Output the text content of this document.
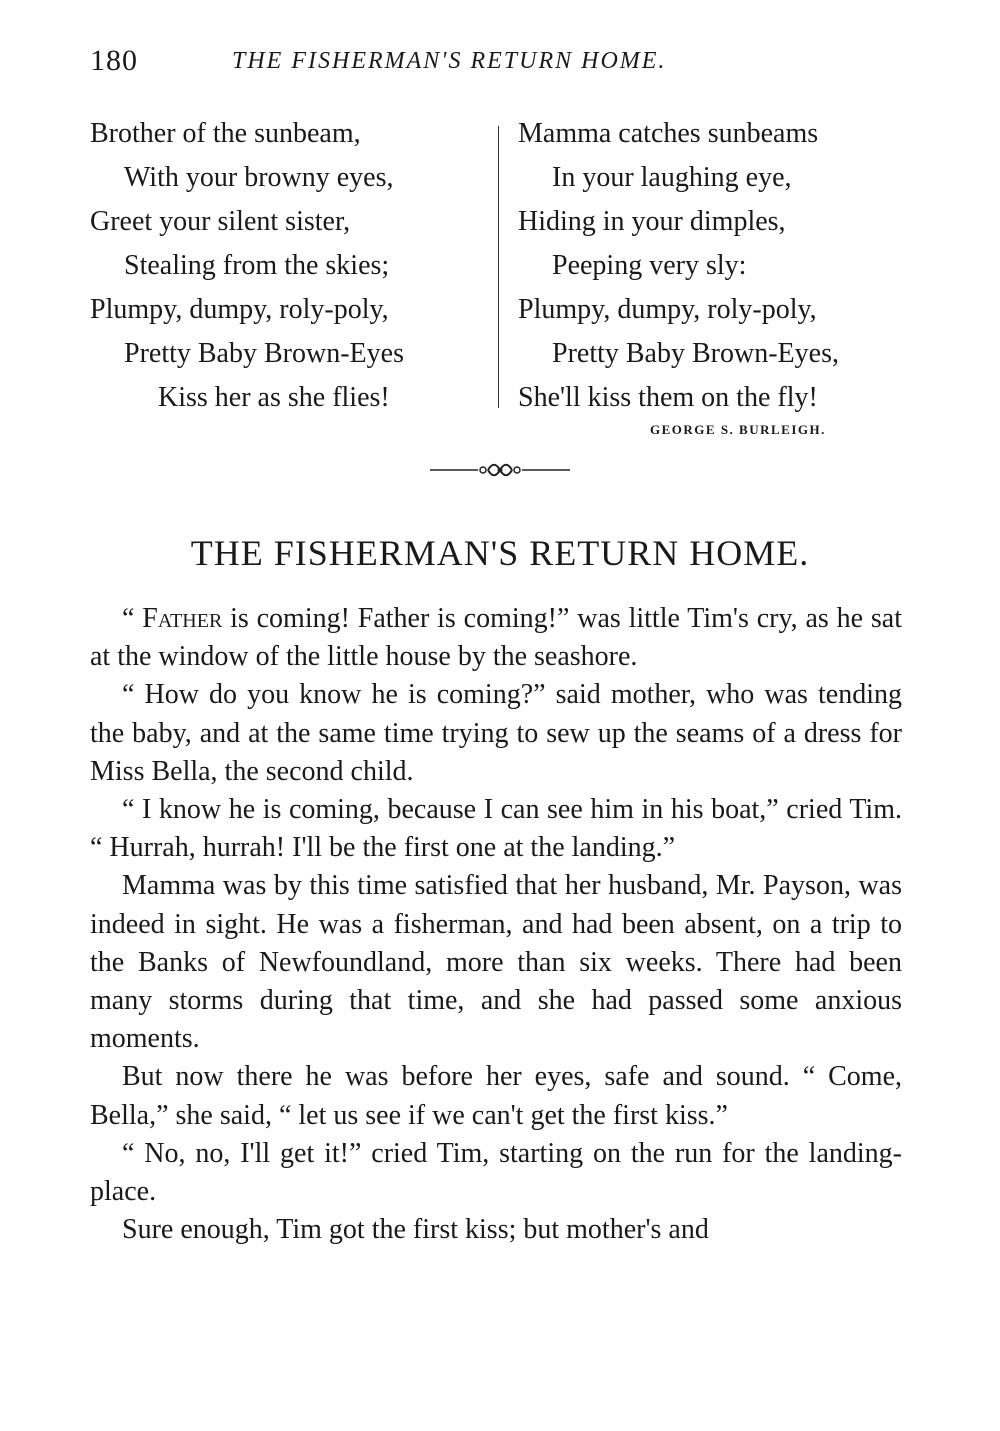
180	THE FISHERMAN'S RETURN HOME.
Brother of the sunbeam,
With your browny eyes,
Greet your silent sister,
Stealing from the skies;
Plumpy, dumpy, roly-poly,
Pretty Baby Brown-Eyes
Kiss her as she flies!
Mamma catches sunbeams
In your laughing eye,
Hiding in your dimples,
Peeping very sly:
Plumpy, dumpy, roly-poly,
Pretty Baby Brown-Eyes,
She'll kiss them on the fly!
GEORGE S. BURLEIGH.
THE FISHERMAN'S RETURN HOME.

“ Father is coming! Father is coming!” was little Tim's cry, as he sat at the window of the little house by the seashore.

“ How do you know he is coming?” said mother, who was tending the baby, and at the same time trying to sew up the seams of a dress for Miss Bella, the second child.

“ I know he is coming, because I can see him in his boat,” cried Tim. “ Hurrah, hurrah! I'll be the first one at the landing.”

Mamma was by this time satisfied that her husband, Mr. Payson, was indeed in sight. He was a fisherman, and had been absent, on a trip to the Banks of Newfoundland, more than six weeks. There had been many storms during that time, and she had passed some anxious moments.

But now there he was before her eyes, safe and sound. “ Come, Bella,” she said, “ let us see if we can't get the first kiss.”

“ No, no, I'll get it!” cried Tim, starting on the run for the landing-place.

Sure enough, Tim got the first kiss; but mother's and
